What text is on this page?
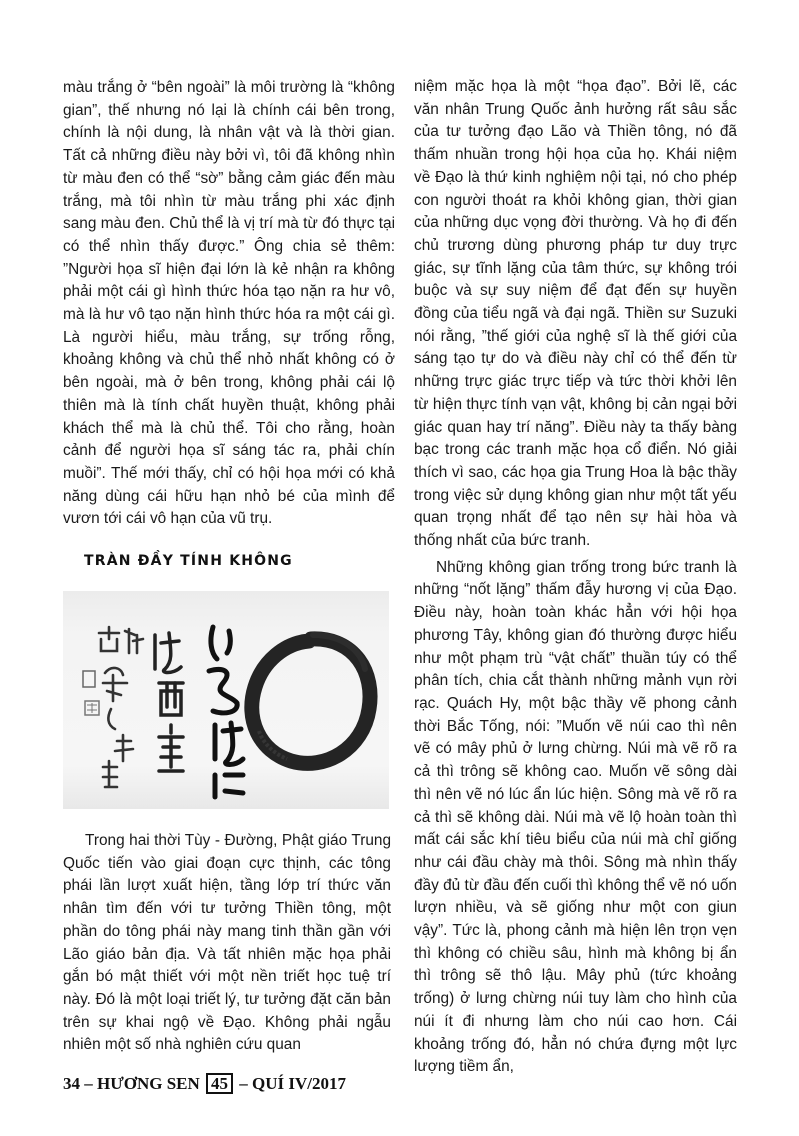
màu trắng ở “bên ngoài” là môi trường là “không gian”, thế nhưng nó lại là chính cái bên trong, chính là nội dung, là nhân vật và là thời gian. Tất cả những điều này bởi vì, tôi đã không nhìn từ màu đen có thể “sờ” bằng cảm giác đến màu trắng, mà tôi nhìn từ màu trắng phi xác định sang màu đen. Chủ thể là vị trí mà từ đó thực tại có thể nhìn thấy được.” Ông chia sẻ thêm: ”Người họa sĩ hiện đại lớn là kẻ nhận ra không phải một cái gì hình thức hóa tạo nặn ra hư vô, mà là hư vô tạo nặn hình thức hóa ra một cái gì. Là người hiểu, màu trắng, sự trống rỗng, khoảng không và chủ thể nhỏ nhất không có ở bên ngoài, mà ở bên trong, không phải cái lộ thiên mà là tính chất huyền thuật, không phải khách thể mà là chủ thể. Tôi cho rằng, hoàn cảnh để người họa sĩ sáng tác ra, phải chín muồi”. Thế mới thấy, chỉ có hội họa mới có khả năng dùng cái hữu hạn nhỏ bé của mình để vươn tới cái vô hạn của vũ trụ.

TRÀN ĐẦY TÍNH KHÔNG

Trong hai thời Tùy - Đường, Phật giáo Trung Quốc tiến vào giai đoạn cực thịnh, các tông phái lần lượt xuất hiện, tầng lớp trí thức văn nhân tìm đến với tư tưởng Thiền tông, một phần do tông phái này mang tinh thần gần với Lão giáo bản địa. Và tất nhiên mặc họa phải gắn bó mật thiết với một nền triết học tuệ trí này. Đó là một loại triết lý, tư tưởng đặt căn bản trên sự khai ngộ về Đạo. Không phải ngẫu nhiên một số nhà nghiên cứu quan

niệm mặc họa là một “họa đạo”. Bởi lẽ, các văn nhân Trung Quốc ảnh hưởng rất sâu sắc của tư tưởng đạo Lão và Thiền tông, nó đã thấm nhuần trong hội họa của họ. Khái niệm về Đạo là thứ kinh nghiệm nội tại, nó cho phép con người thoát ra khỏi không gian, thời gian của những dục vọng đời thường. Và họ đi đến chủ trương dùng phương pháp tư duy trực giác, sự tĩnh lặng của tâm thức, sự không trói buộc và sự suy niệm để đạt đến sự huyền đồng của tiểu ngã và đại ngã. Thiền sư Suzuki nói rằng, ”thế giới của nghệ sĩ là thế giới của sáng tạo tự do và điều này chỉ có thể đến từ những trực giác trực tiếp và tức thời khởi lên từ hiện thực tính vạn vật, không bị cản ngại bởi giác quan hay trí năng”. Điều này ta thấy bàng bạc trong các tranh mặc họa cổ điển. Nó giải thích vì sao, các họa gia Trung Hoa là bậc thầy trong việc sử dụng không gian như một tất yếu quan trọng nhất để tạo nên sự hài hòa và thống nhất của bức tranh.

Những không gian trống trong bức tranh là những “nốt lặng” thấm đẫy hương vị của Đạo. Điều này, hoàn toàn khác hẳn với hội họa phương Tây, không gian đó thường được hiểu như một phạm trù “vật chất” thuần túy có thể phân tích, chia cắt thành những mảnh vụn rời rạc. Quách Hy, một bậc thầy vẽ phong cảnh thời Bắc Tống, nói: ”Muốn vẽ núi cao thì nên vẽ có mây phủ ở lưng chừng. Núi mà vẽ rõ ra cả thì trông sẽ không cao. Muốn vẽ sông dài thì nên vẽ nó lúc ẩn lúc hiện. Sông mà vẽ rõ ra cả thì sẽ không dài. Núi mà vẽ lộ hoàn toàn thì mất cái sắc khí tiêu biểu của núi mà chỉ giống như cái đầu chày mà thôi. Sông mà nhìn thấy đầy đủ từ đầu đến cuối thì không thể vẽ nó uốn lượn nhiều, và sẽ giống như một con giun vậy”. Tức là, phong cảnh mà hiện lên trọn vẹn thì không có chiều sâu, hình mà không bị ẩn thì trông sẽ thô lậu. Mây phủ (tức khoảng trống) ở lưng chừng núi tuy làm cho hình của núi ít đi nhưng làm cho núi cao hơn. Cái khoảng trống đó, hẳn nó chứa đựng một lực lượng tiềm ẩn,

34 – HƯƠNG SEN 45 – QUÍ IV/2017
